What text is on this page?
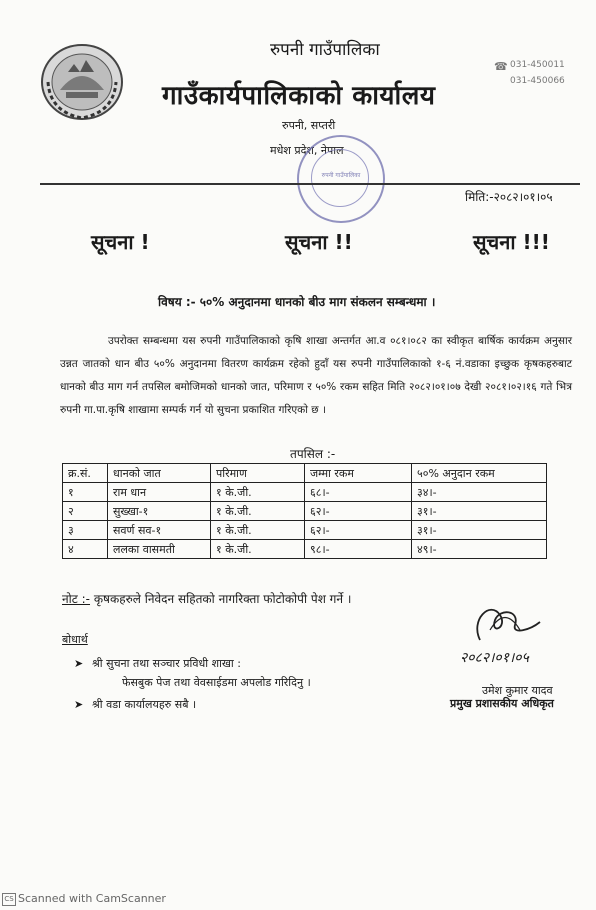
रुपनी गाउँपालिका
गाउँकार्यपालिकाको कार्यालय
☎ 031-450011
031-450066
रुपनी, सप्तरी
मधेश प्रदेश, नेपाल
रुपनी गाउँपालिका
मिति:-२०८२।०१।०५
सूचना !	सूचना !!	सूचना !!!
विषय :- ५०% अनुदानमा धानको बीउ माग संकलन सम्बन्धमा ।
उपरोक्त सम्बन्धमा यस रुपनी गाउँपालिकाको कृषि शाखा अन्तर्गत आ.व ०८१।०८२ का स्वीकृत बार्षिक कार्यक्रम अनुसार उन्नत जातको धान बीउ ५०% अनुदानमा वितरण कार्यक्रम रहेको हुदाँ यस रुपनी गाउँपालिकाको १-६ नं.वडाका इच्छुक कृषकहरुबाट धानको बीउ माग गर्न तपसिल बमोजिमको धानको जात, परिमाण र ५०% रकम सहित मिति २०८२।०१।०७ देखी २०८१।०२।१६ गते भित्र रुपनी गा.पा.कृषि शाखामा सम्पर्क गर्न यो सुचना प्रकाशित गरिएको छ ।
तपसिल :-
क्र.सं.	धानको जात	परिमाण	जम्मा रकम	५०% अनुदान रकम
१	राम धान	१ के.जी.	६८।-	३४।-
२	सुख्खा-१	१ के.जी.	६२।-	३१।-
३	सवर्ण सव-१	१ के.जी.	६२।-	३१।-
४	ललका वासमती	१ के.जी.	९८।-	४९।-
नोट :- कृषकहरुले निवेदन सहितको नागरिक्ता फोटोकोपी पेश गर्ने ।
बोधार्थ
➤ श्री सुचना तथा सञ्चार प्रविधी शाखा :
फेसबुक पेज तथा वेवसाईडमा अपलोड गरिदिनु ।
➤ श्री वडा कार्यालयहरु सबै ।
२०८२।०१।०५
उमेश कुमार यादव
प्रमुख प्रशासकीय अधिकृत
CS Scanned with CamScanner
